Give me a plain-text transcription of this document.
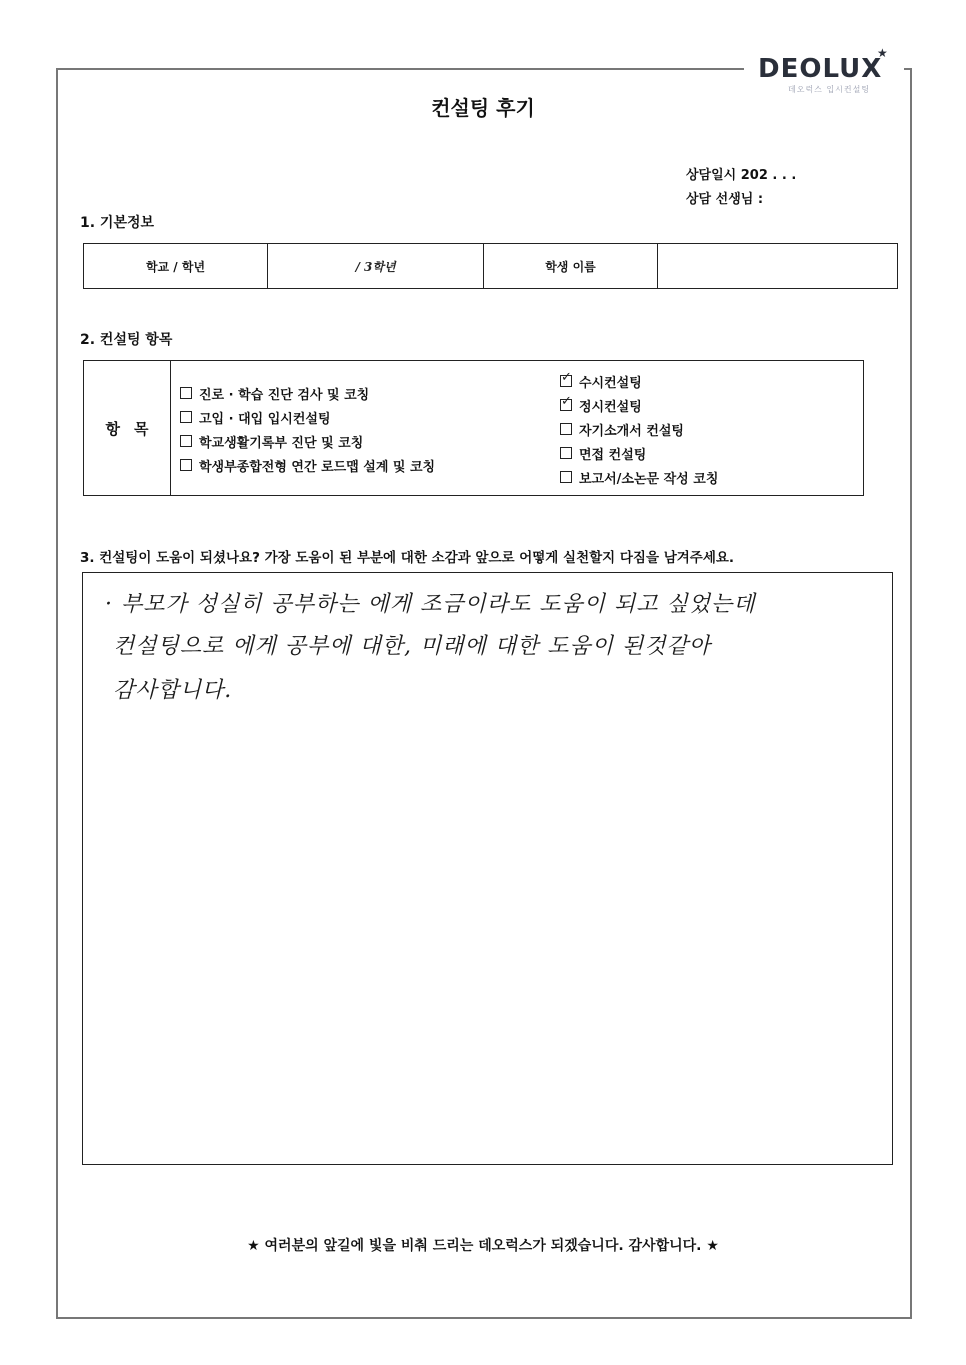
DEOLUX
★
데오럭스 입시컨설팅
컨설팅 후기
상담일시 202 . . .
상담 선생님 :
1. 기본정보
학교 / 학년	/ 3학년	학생 이름	
2. 컨설팅 항목
항목
진로 · 학습 진단 검사 및 코칭
고입 · 대입 입시컨설팅
학교생활기록부 진단 및 코칭
학생부종합전형 연간 로드맵 설계 및 코칭
✓
수시컨설팅
✓
정시컨설팅
자기소개서 컨설팅
면접 컨설팅
보고서/소논문 작성 코칭
3. 컨설팅이 도움이 되셨나요? 가장 도움이 된 부분에 대한 소감과 앞으로 어떻게 실천할지 다짐을 남겨주세요.
· 부모가 성실히 공부하는 에게 조금이라도 도움이 되고 싶었는데
컨설팅으로 에게 공부에 대한, 미래에 대한 도움이 된것같아
감사합니다.
★ 여러분의 앞길에 빛을 비춰 드리는 데오럭스가 되겠습니다. 감사합니다. ★
